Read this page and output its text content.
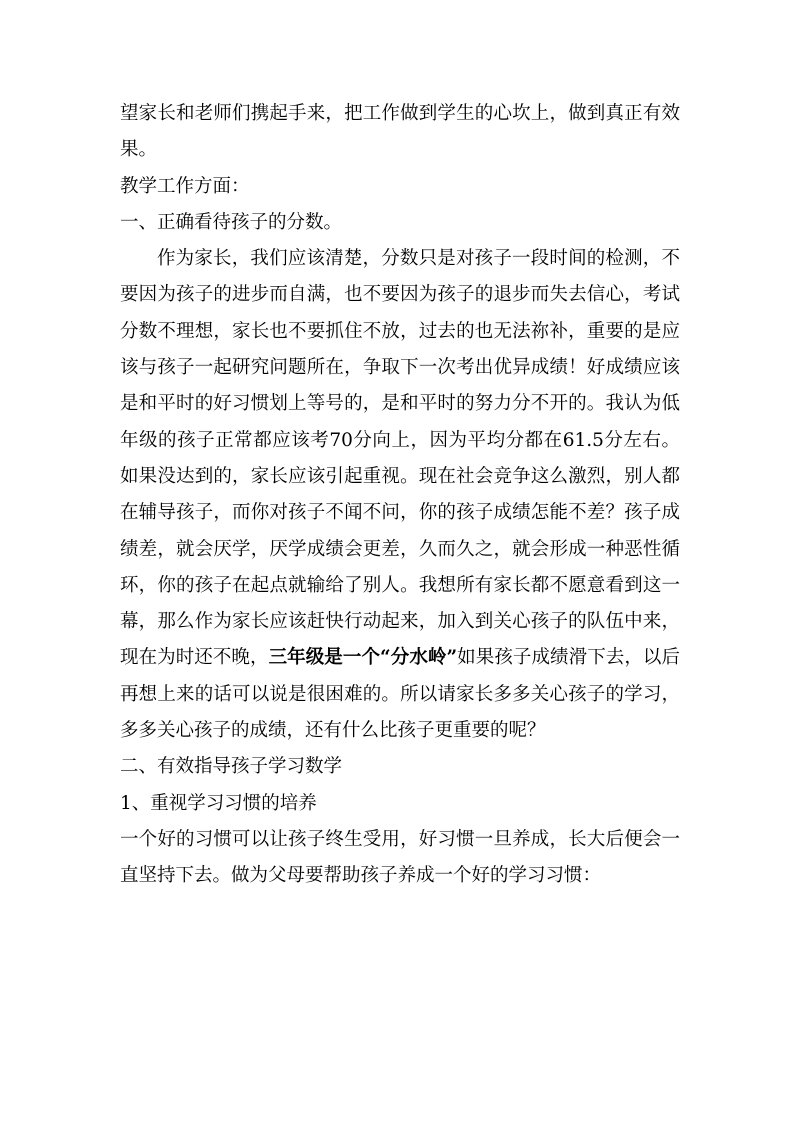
望家长和老师们携起手来，把工作做到学生的心坎上，做到真正有效果。

教学工作方面：

一、正确看待孩子的分数。

作为家长，我们应该清楚，分数只是对孩子一段时间的检测，不要因为孩子的进步而自满，也不要因为孩子的退步而失去信心，考试分数不理想，家长也不要抓住不放，过去的也无法祢补，重要的是应该与孩子一起研究问题所在，争取下一次考出优异成绩！好成绩应该是和平时的好习惯划上等号的，是和平时的努力分不开的。我认为低年级的孩子正常都应该考70分向上，因为平均分都在61.5分左右。如果没达到的，家长应该引起重视。现在社会竞争这么激烈，别人都在辅导孩子，而你对孩子不闻不问，你的孩子成绩怎能不差？孩子成绩差，就会厌学，厌学成绩会更差，久而久之，就会形成一种恶性循环，你的孩子在起点就输给了别人。我想所有家长都不愿意看到这一幕，那么作为家长应该赶快行动起来，加入到关心孩子的队伍中来，现在为时还不晚，三年级是一个“分水岭”如果孩子成绩滑下去，以后再想上来的话可以说是很困难的。所以请家长多多关心孩子的学习，多多关心孩子的成绩，还有什么比孩子更重要的呢？

二、有效指导孩子学习数学

1、重视学习习惯的培养

一个好的习惯可以让孩子终生受用，好习惯一旦养成，长大后便会一直坚持下去。做为父母要帮助孩子养成一个好的学习习惯：
